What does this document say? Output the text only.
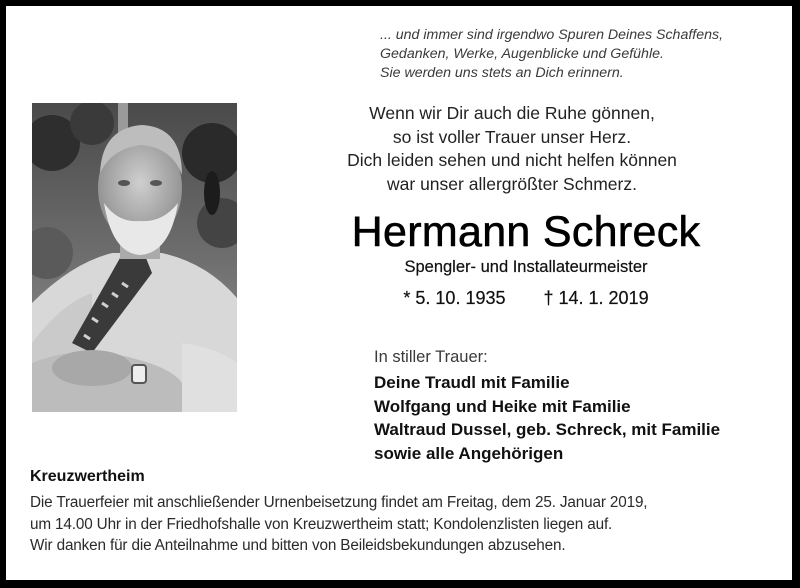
... und immer sind irgendwo Spuren Deines Schaffens,
Gedanken, Werke, Augenblicke und Gefühle.
Sie werden uns stets an Dich erinnern.
Wenn wir Dir auch die Ruhe gönnen,
so ist voller Trauer unser Herz.
Dich leiden sehen und nicht helfen können
war unser allergrößter Schmerz.
Hermann Schreck
Spengler- und Installateurmeister
* 5. 10. 1935 † 14. 1. 2019
In stiller Trauer:
Deine Traudl mit Familie
Wolfgang und Heike mit Familie
Waltraud Dussel, geb. Schreck, mit Familie
sowie alle Angehörigen
Kreuzwertheim
Die Trauerfeier mit anschließender Urnenbeisetzung findet am Freitag, dem 25. Januar 2019,
um 14.00 Uhr in der Friedhofshalle von Kreuzwertheim statt; Kondolenzlisten liegen auf.
Wir danken für die Anteilnahme und bitten von Beileidsbekundungen abzusehen.
